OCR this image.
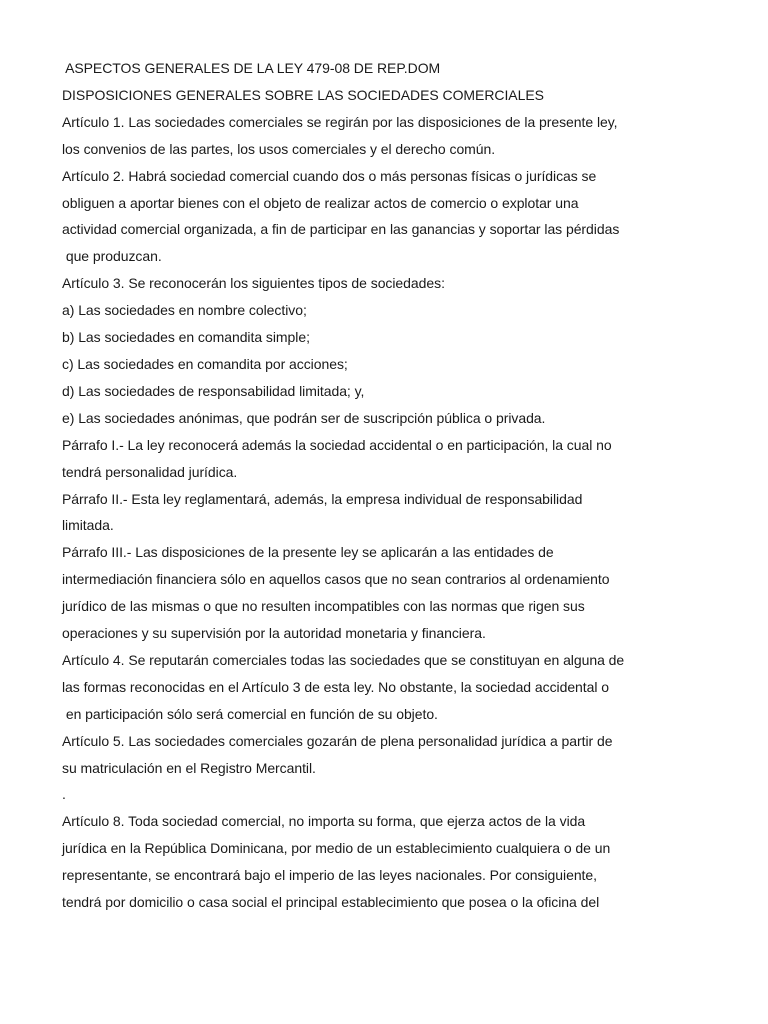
ASPECTOS GENERALES DE LA LEY 479-08 DE REP.DOM

DISPOSICIONES GENERALES SOBRE LAS SOCIEDADES COMERCIALES

Artículo 1. Las sociedades comerciales se regirán por las disposiciones de la presente ley,

los convenios de las partes, los usos comerciales y el derecho común.

Artículo 2. Habrá sociedad comercial cuando dos o más personas físicas o jurídicas se

obliguen a aportar bienes con el objeto de realizar actos de comercio o explotar una

actividad comercial organizada, a fin de participar en las ganancias y soportar las pérdidas

que produzcan.

Artículo 3. Se reconocerán los siguientes tipos de sociedades:

a) Las sociedades en nombre colectivo;

b) Las sociedades en comandita simple;

c) Las sociedades en comandita por acciones;

d) Las sociedades de responsabilidad limitada; y,

e) Las sociedades anónimas, que podrán ser de suscripción pública o privada.

Párrafo I.- La ley reconocerá además la sociedad accidental o en participación, la cual no

tendrá personalidad jurídica.

Párrafo II.- Esta ley reglamentará, además, la empresa individual de responsabilidad

limitada.

Párrafo III.- Las disposiciones de la presente ley se aplicarán a las entidades de

intermediación financiera sólo en aquellos casos que no sean contrarios al ordenamiento

jurídico de las mismas o que no resulten incompatibles con las normas que rigen sus

operaciones y su supervisión por la autoridad monetaria y financiera.

Artículo 4. Se reputarán comerciales todas las sociedades que se constituyan en alguna de

las formas reconocidas en el Artículo 3 de esta ley. No obstante, la sociedad accidental o

en participación sólo será comercial en función de su objeto.

Artículo 5. Las sociedades comerciales gozarán de plena personalidad jurídica a partir de

su matriculación en el Registro Mercantil.

.

Artículo 8. Toda sociedad comercial, no importa su forma, que ejerza actos de la vida

jurídica en la República Dominicana, por medio de un establecimiento cualquiera o de un

representante, se encontrará bajo el imperio de las leyes nacionales. Por consiguiente,

tendrá por domicilio o casa social el principal establecimiento que posea o la oficina del
